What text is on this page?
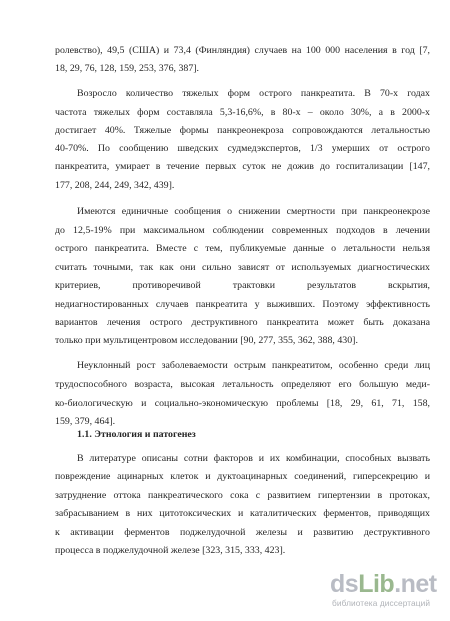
ролевство), 49,5 (США) и 73,4 (Финляндия) случаев на 100 000 населения в год [7,
18, 29, 76, 128, 159, 253, 376, 387].
Возросло количество тяжелых форм острого панкреатита. В 70-х годах
частота тяжелых форм составляла 5,3-16,6%, в 80-х – около 30%, а в 2000-х
достигает 40%. Тяжелые формы панкреонекроза сопровождаются летальностью
40-70%. По сообщению шведских судмедэкспертов, 1/3 умерших от острого
панкреатита, умирает в течение первых суток не дожив до госпитализации [147,
177, 208, 244, 249, 342, 439].
Имеются единичные сообщения о снижении смертности при панкреонекрозе
до 12,5-19% при максимальном соблюдении современных подходов в лечении
острого панкреатита. Вместе с тем, публикуемые данные о летальности нельзя
считать точными, так как они сильно зависят от используемых диагностических
критериев, противоречивой трактовки результатов вскрытия,
недиагностированных случаев панкреатита у выживших. Поэтому эффективность
вариантов лечения острого деструктивного панкреатита может быть доказана
только при мультицентровом исследовании [90, 277, 355, 362, 388, 430].
Неуклонный рост заболеваемости острым панкреатитом, особенно среди лиц
трудоспособного возраста, высокая летальность определяют его большую меди-
ко-биологическую и социально-экономическую проблемы [18, 29, 61, 71, 158,
159, 379, 464].
В литературе описаны сотни факторов и их комбинации, способных вызвать
повреждение ацинарных клеток и дуктоацинарных соединений, гиперсекрецию и
затруднение оттока панкреатического сока с развитием гипертензии в протоках,
забрасыванием в них цитотоксических и каталитических ферментов, приводящих
к активации ферментов поджелудочной железы и развитию деструктивного
процесса в поджелудочной железе [323, 315, 333, 423].
1.1. Этнология и патогенез
dsLib.net
библиотека диссертаций
